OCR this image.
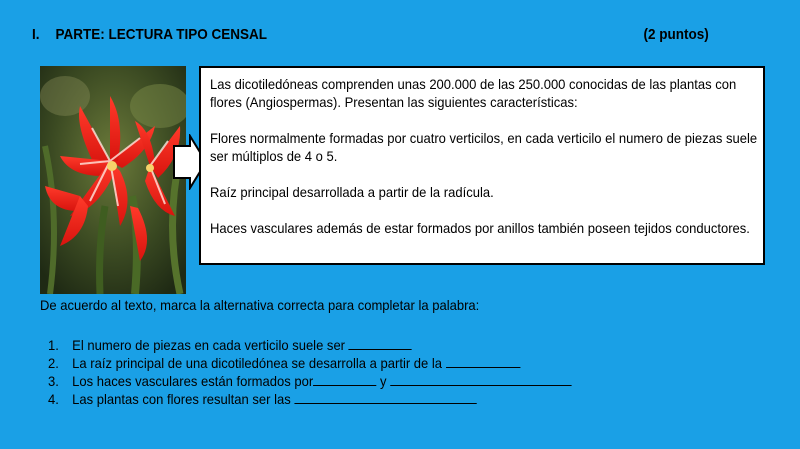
I. PARTE: LECTURA TIPO CENSAL	(2 puntos)

Las dicotiledóneas comprenden unas 200.000 de las 250.000 conocidas de las plantas con flores (Angiospermas). Presentan las siguientes características:

Flores normalmente formadas por cuatro verticilos, en cada verticilo el numero de piezas suele ser múltiplos de 4 o 5.

Raíz principal desarrollada a partir de la radícula.

Haces vasculares además de estar formados por anillos también poseen tejidos conductores.

De acuerdo al texto, marca la alternativa correcta para completar la palabra:
1. El numero de piezas en cada verticilo suele ser
2. La raíz principal de una dicotiledónea se desarrolla a partir de la
3. Los haces vasculares están formados por	y
4. Las plantas con flores resultan ser las
